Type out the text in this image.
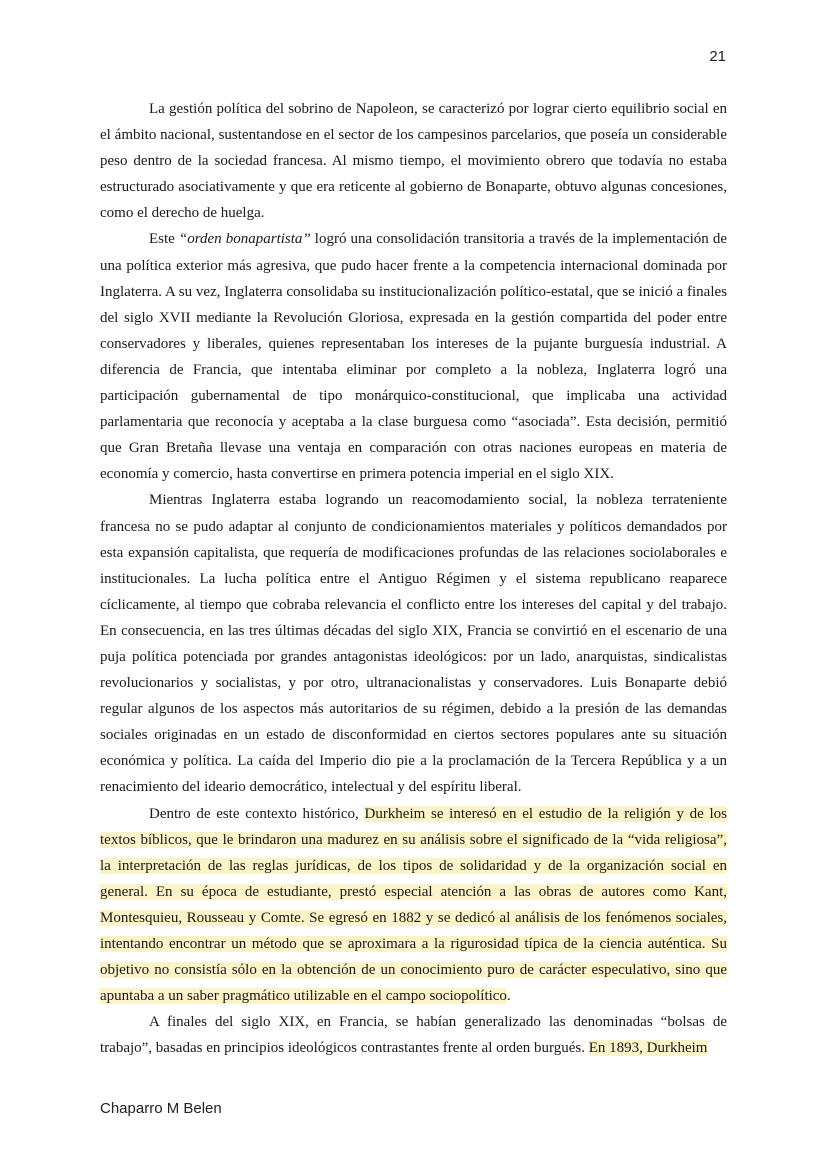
21

La gestión política del sobrino de Napoleon, se caracterizó por lograr cierto equilibrio social en el ámbito nacional, sustentandose en el sector de los campesinos parcelarios, que poseía un considerable peso dentro de la sociedad francesa. Al mismo tiempo, el movimiento obrero que todavía no estaba estructurado asociativamente y que era reticente al gobierno de Bonaparte, obtuvo algunas concesiones, como el derecho de huelga.

Este “orden bonapartista” logró una consolidación transitoria a través de la implementación de una política exterior más agresiva, que pudo hacer frente a la competencia internacional dominada por Inglaterra. A su vez, Inglaterra consolidaba su institucionalización político-estatal, que se inició a finales del siglo XVII mediante la Revolución Gloriosa, expresada en la gestión compartida del poder entre conservadores y liberales, quienes representaban los intereses de la pujante burguesía industrial. A diferencia de Francia, que intentaba eliminar por completo a la nobleza, Inglaterra logró una participación gubernamental de tipo monárquico-constitucional, que implicaba una actividad parlamentaria que reconocía y aceptaba a la clase burguesa como “asociada”. Esta decisión, permitió que Gran Bretaña llevase una ventaja en comparación con otras naciones europeas en materia de economía y comercio, hasta convertirse en primera potencia imperial en el siglo XIX.

Mientras Inglaterra estaba logrando un reacomodamiento social, la nobleza terrateniente francesa no se pudo adaptar al conjunto de condicionamientos materiales y políticos demandados por esta expansión capitalista, que requería de modificaciones profundas de las relaciones sociolaborales e institucionales. La lucha política entre el Antiguo Régimen y el sistema republicano reaparece cíclicamente, al tiempo que cobraba relevancia el conflicto entre los intereses del capital y del trabajo. En consecuencia, en las tres últimas décadas del siglo XIX, Francia se convirtió en el escenario de una puja política potenciada por grandes antagonistas ideológicos: por un lado, anarquistas, sindicalistas revolucionarios y socialistas, y por otro, ultranacionalistas y conservadores. Luis Bonaparte debió regular algunos de los aspectos más autoritarios de su régimen, debido a la presión de las demandas sociales originadas en un estado de disconformidad en ciertos sectores populares ante su situación económica y política. La caída del Imperio dio pie a la proclamación de la Tercera República y a un renacimiento del ideario democrático, intelectual y del espíritu liberal.

Dentro de este contexto histórico, Durkheim se interesó en el estudio de la religión y de los textos bíblicos, que le brindaron una madurez en su análisis sobre el significado de la “vida religiosa”, la interpretación de las reglas jurídicas, de los tipos de solidaridad y de la organización social en general. En su época de estudiante, prestó especial atención a las obras de autores como Kant, Montesquieu, Rousseau y Comte. Se egresó en 1882 y se dedicó al análisis de los fenómenos sociales, intentando encontrar un método que se aproximara a la rigurosidad típica de la ciencia auténtica. Su objetivo no consistía sólo en la obtención de un conocimiento puro de carácter especulativo, sino que apuntaba a un saber pragmático utilizable en el campo sociopolítico.

A finales del siglo XIX, en Francia, se habían generalizado las denominadas “bolsas de trabajo”, basadas en principios ideológicos contrastantes frente al orden burgués. En 1893, Durkheim

Chaparro M Belen
